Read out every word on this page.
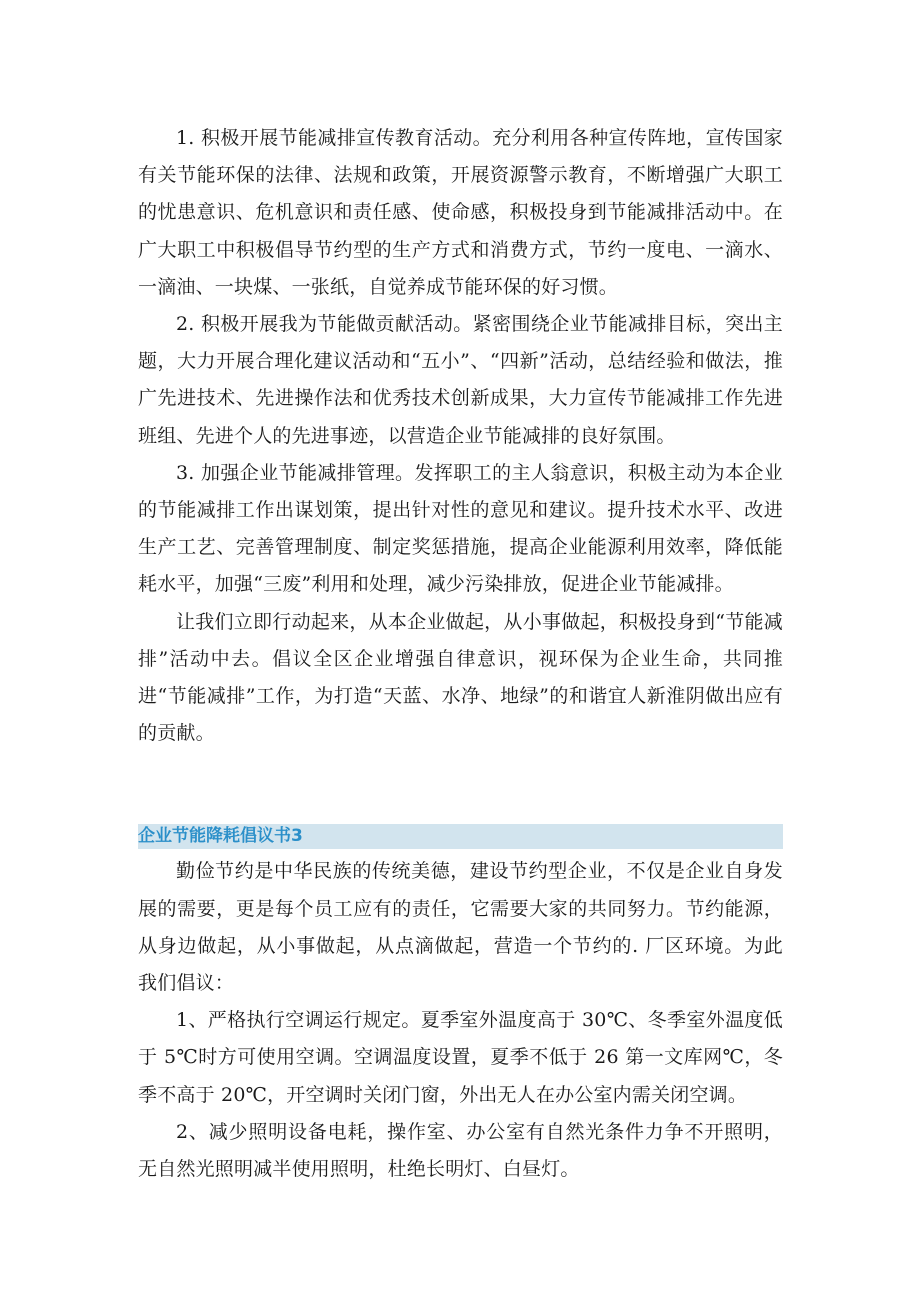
1. 积极开展节能减排宣传教育活动。充分利用各种宣传阵地，宣传国家有关节能环保的法律、法规和政策，开展资源警示教育，不断增强广大职工的忧患意识、危机意识和责任感、使命感，积极投身到节能减排活动中。在广大职工中积极倡导节约型的生产方式和消费方式，节约一度电、一滴水、一滴油、一块煤、一张纸，自觉养成节能环保的好习惯。

2. 积极开展我为节能做贡献活动。紧密围绕企业节能减排目标，突出主题，大力开展合理化建议活动和“五小”、“四新”活动，总结经验和做法，推广先进技术、先进操作法和优秀技术创新成果，大力宣传节能减排工作先进班组、先进个人的先进事迹，以营造企业节能减排的良好氛围。

3. 加强企业节能减排管理。发挥职工的主人翁意识，积极主动为本企业的节能减排工作出谋划策，提出针对性的意见和建议。提升技术水平、改进生产工艺、完善管理制度、制定奖惩措施，提高企业能源利用效率，降低能耗水平，加强“三废”利用和处理，减少污染排放，促进企业节能减排。

让我们立即行动起来，从本企业做起，从小事做起，积极投身到“节能减排”活动中去。倡议全区企业增强自律意识，视环保为企业生命，共同推进“节能减排”工作，为打造“天蓝、水净、地绿”的和谐宜人新淮阴做出应有的贡献。

企业节能降耗倡议书3

勤俭节约是中华民族的传统美德，建设节约型企业，不仅是企业自身发展的需要，更是每个员工应有的责任，它需要大家的共同努力。节约能源，从身边做起，从小事做起，从点滴做起，营造一个节约的. 厂区环境。为此我们倡议：

1、严格执行空调运行规定。夏季室外温度高于 30℃、冬季室外温度低于 5℃时方可使用空调。空调温度设置，夏季不低于 26 第一文库网℃，冬季不高于 20℃，开空调时关闭门窗，外出无人在办公室内需关闭空调。

2、减少照明设备电耗，操作室、办公室有自然光条件力争不开照明，无自然光照明减半使用照明，杜绝长明灯、白昼灯。
